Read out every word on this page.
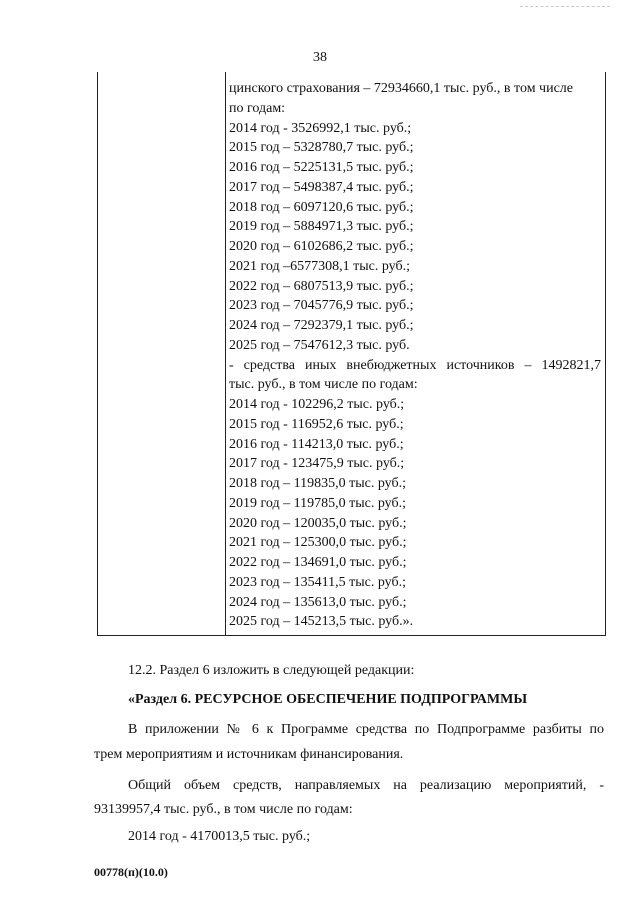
38
цинского страхования – 72934660,1 тыс. руб., в том числе
по годам:
2014 год - 3526992,1 тыс. руб.;
2015 год – 5328780,7 тыс. руб.;
2016 год – 5225131,5 тыс. руб.;
2017 год – 5498387,4 тыс. руб.;
2018 год – 6097120,6 тыс. руб.;
2019 год – 5884971,3 тыс. руб.;
2020 год – 6102686,2 тыс. руб.;
2021 год –6577308,1 тыс. руб.;
2022 год – 6807513,9 тыс. руб.;
2023 год – 7045776,9 тыс. руб.;
2024 год – 7292379,1 тыс. руб.;
2025 год – 7547612,3 тыс. руб.
- средства иных внебюджетных источников – 1492821,7
тыс. руб., в том числе по годам:
2014 год - 102296,2 тыс. руб.;
2015 год - 116952,6 тыс. руб.;
2016 год - 114213,0 тыс. руб.;
2017 год - 123475,9 тыс. руб.;
2018 год – 119835,0 тыс. руб.;
2019 год – 119785,0 тыс. руб.;
2020 год – 120035,0 тыс. руб.;
2021 год – 125300,0 тыс. руб.;
2022 год – 134691,0 тыс. руб.;
2023 год – 135411,5 тыс. руб.;
2024 год – 135613,0 тыс. руб.;
2025 год – 145213,5 тыс. руб.».
12.2. Раздел 6 изложить в следующей редакции:
«Раздел 6. РЕСУРСНОЕ ОБЕСПЕЧЕНИЕ ПОДПРОГРАММЫ
В приложении № 6 к Программе средства по Подпрограмме разбиты по
трем мероприятиям и источникам финансирования.
Общий объем средств, направляемых на реализацию мероприятий, -
93139957,4 тыс. руб., в том числе по годам:
2014 год - 4170013,5 тыс. руб.;
00778(п)(10.0)
